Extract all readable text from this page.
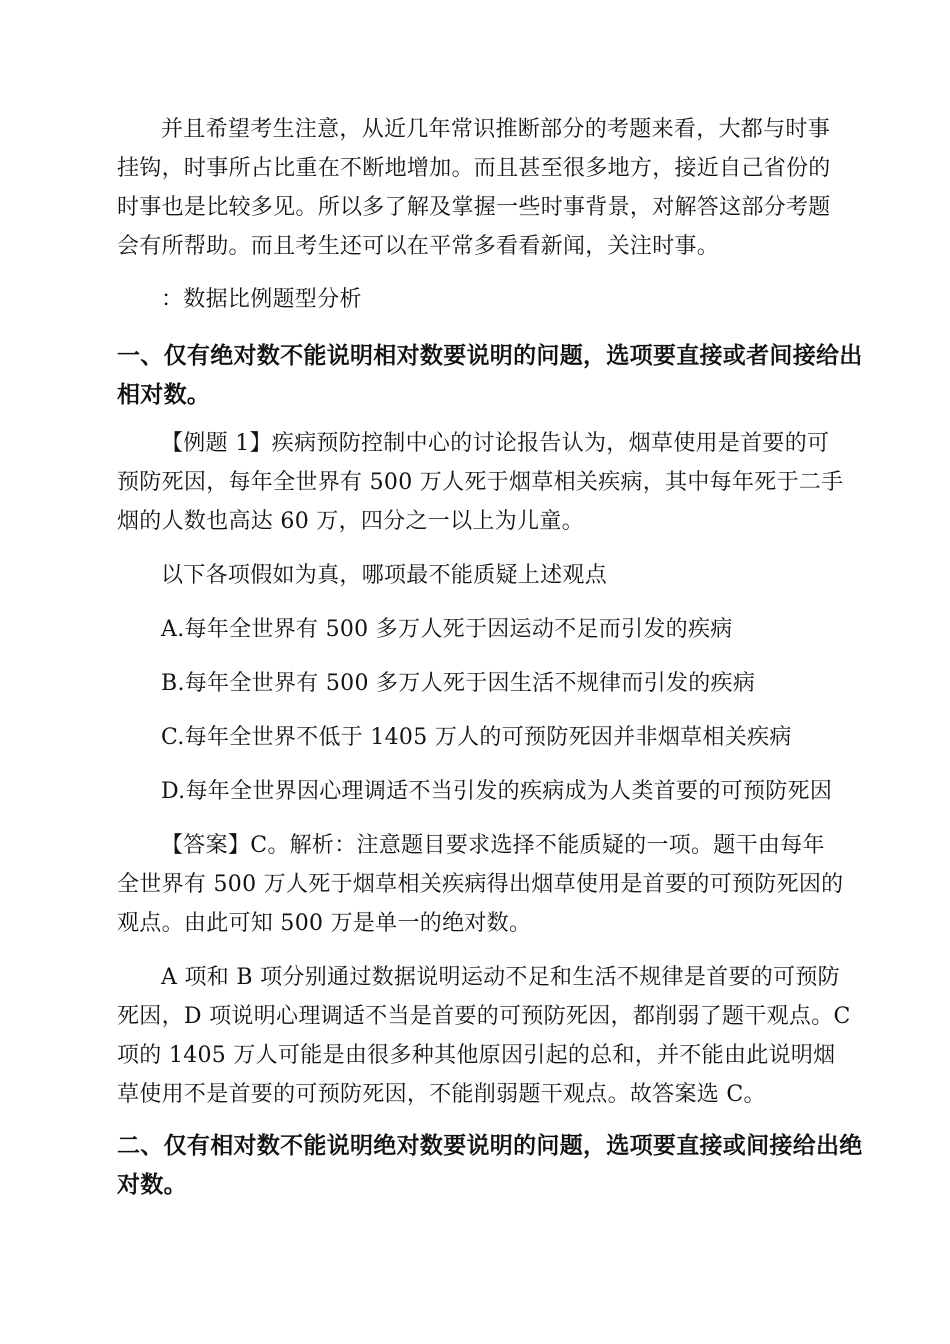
并且希望考生注意，从近几年常识推断部分的考题来看，大都与时事
挂钩，时事所占比重在不断地增加。而且甚至很多地方，接近自己省份的
时事也是比较多见。所以多了解及掌握一些时事背景，对解答这部分考题
会有所帮助。而且考生还可以在平常多看看新闻，关注时事。
：数据比例题型分析
一、仅有绝对数不能说明相对数要说明的问题，选项要直接或者间接给出
相对数。
【例题 1】疾病预防控制中心的讨论报告认为，烟草使用是首要的可
预防死因，每年全世界有 500 万人死于烟草相关疾病，其中每年死于二手
烟的人数也高达 60 万，四分之一以上为儿童。
以下各项假如为真，哪项最不能质疑上述观点

A.每年全世界有 500 多万人死于因运动不足而引发的疾病

B.每年全世界有 500 多万人死于因生活不规律而引发的疾病

C.每年全世界不低于 1405 万人的可预防死因并非烟草相关疾病

D.每年全世界因心理调适不当引发的疾病成为人类首要的可预防死因

【答案】C。解析：注意题目要求选择不能质疑的一项。题干由每年
全世界有 500 万人死于烟草相关疾病得出烟草使用是首要的可预防死因的
观点。由此可知 500 万是单一的绝对数。
A 项和 B 项分别通过数据说明运动不足和生活不规律是首要的可预防
死因，D 项说明心理调适不当是首要的可预防死因，都削弱了题干观点。C
项的 1405 万人可能是由很多种其他原因引起的总和，并不能由此说明烟
草使用不是首要的可预防死因，不能削弱题干观点。故答案选 C。
二、仅有相对数不能说明绝对数要说明的问题，选项要直接或间接给出绝
对数。
